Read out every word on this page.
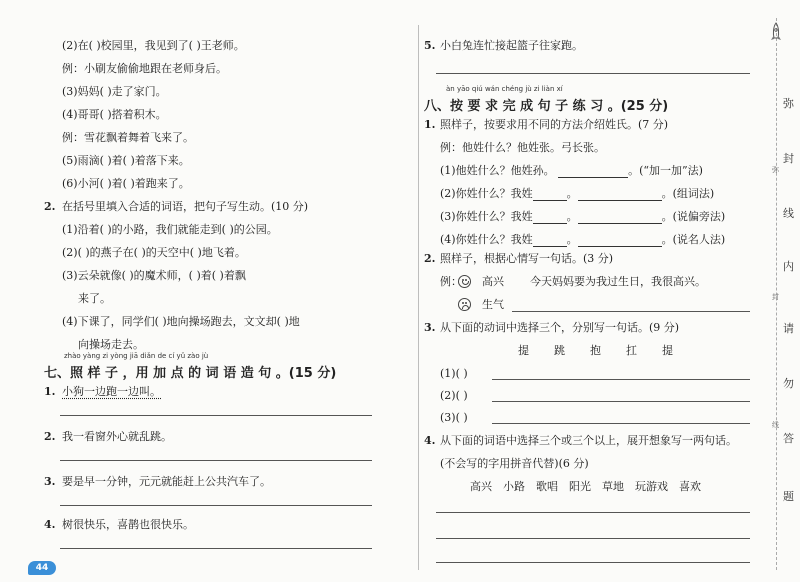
(2)在( )校园里，我见到了( )王老师。
例：小刷友偷偷地跟在老师身后。
(3)妈妈( )走了家门。
(4)哥哥( )搭着积木。
例：雪花飘着舞着飞来了。
(5)雨滴( )着( )着落下来。
(6)小河( )着( )着跑来了。
2. 在括号里填入合适的词语，把句子写生动。(10 分)
(1)沿着( )的小路，我们就能走到( )的公园。
(2)( )的燕子在( )的天空中( )地飞着。
(3)云朵就像( )的魔术师，( )着( )着飘
来了。
(4)下课了，同学们( )地向操场跑去，文文却( )地
向操场走去。
zhào yàng zi yòng jiā diǎn de cí yǔ zào jù
七、照 样 子 ，用 加 点 的 词 语 造 句 。(15 分)
1. 小狗一边跑一边叫。
2. 我一看窗外心就乱跳。
3. 要是早一分钟，元元就能赶上公共汽车了。
4. 树很快乐，喜鹊也很快乐。
44
5. 小白兔连忙接起篮子往家跑。
àn yāo qiú wán chéng jù zi liàn xí
八、按 要 求 完 成 句 子 练 习 。(25 分)
1. 照样子，按要求用不同的方法介绍姓氏。(7 分)
例：他姓什么？他姓张。弓长张。
(1)他姓什么？他姓孙。	。(“加一加”法)
(2)你姓什么？我姓	。	。(组词法)
(3)你姓什么？我姓	。	。(说偏旁法)
(4)你姓什么？我姓	。	。(说名人法)
2. 照样子，根据心情写一句话。(3 分)
例： 高兴 今天妈妈要为我过生日，我很高兴。
生气
3. 从下面的动词中选择三个，分别写一句话。(9 分)
提　　跳　　抱　　扛　　提
(1)( )
(2)( )
(3)( )
4. 从下面的词语中选择三个或三个以上，展开想象写一两句话。
(不会写的字用拼音代替)(6 分)
高兴　小路　歌唱　阳光　草地　玩游戏　喜欢
弥
封
线
内
请
勿
答
题
弥
封
线
